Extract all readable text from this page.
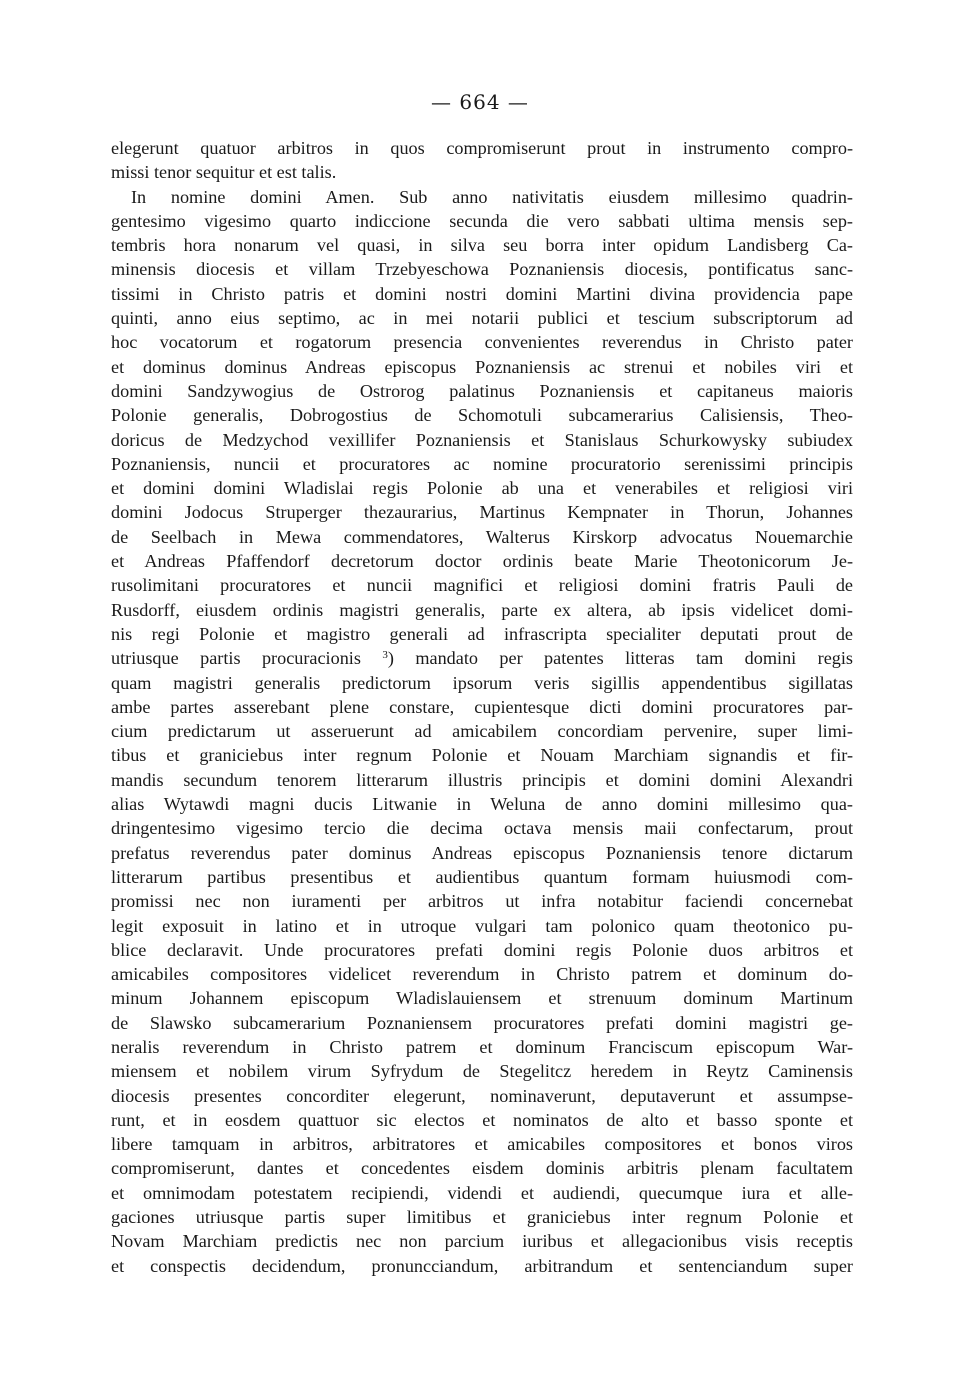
— 664 —
elegerunt quatuor arbitros in quos compromiserunt prout in instrumento compro-
missi tenor sequitur et est talis.
In nomine domini Amen. Sub anno nativitatis eiusdem millesimo quadrin-
gentesimo vigesimo quarto indiccione secunda die vero sabbati ultima mensis sep-
tembris hora nonarum vel quasi, in silva seu borra inter opidum Landisberg Ca-
minensis diocesis et villam Trzebyeschowa Poznaniensis diocesis, pontificatus sanc-
tissimi in Christo patris et domini nostri domini Martini divina providencia pape
quinti, anno eius septimo, ac in mei notarii publici et tescium subscriptorum ad
hoc vocatorum et rogatorum presencia convenientes reverendus in Christo pater
et dominus dominus Andreas episcopus Poznaniensis ac strenui et nobiles viri et
domini Sandzywogius de Ostrorog palatinus Poznaniensis et capitaneus maioris
Polonie generalis, Dobrogostius de Schomotuli subcamerarius Calisiensis, Theo-
doricus de Medzychod vexillifer Poznaniensis et Stanislaus Schurkowysky subiudex
Poznaniensis, nuncii et procuratores ac nomine procuratorio serenissimi principis
et domini domini Wladislai regis Polonie ab una et venerabiles et religiosi viri
domini Jodocus Struperger thezaurarius, Martinus Kempnater in Thorun, Johannes
de Seelbach in Mewa commendatores, Walterus Kirskorp advocatus Nouemarchie
et Andreas Pfaffendorf decretorum doctor ordinis beate Marie Theotonicorum Je-
rusolimitani procuratores et nuncii magnifici et religiosi domini fratris Pauli de
Rusdorff, eiusdem ordinis magistri generalis, parte ex altera, ab ipsis videlicet domi-
nis regi Polonie et magistro generali ad infrascripta specialiter deputati prout de
utriusque partis procuracionis $^3$) mandato per patentes litteras tam domini regis
quam magistri generalis predictorum ipsorum veris sigillis appendentibus sigillatas
ambe partes asserebant plene constare, cupientesque dicti domini procuratores par-
cium predictarum ut asseruerunt ad amicabilem concordiam pervenire, super limi-
tibus et graniciebus inter regnum Polonie et Nouam Marchiam signandis et fir-
mandis secundum tenorem litterarum illustris principis et domini domini Alexandri
alias Wytawdi magni ducis Litwanie in Weluna de anno domini millesimo qua-
dringentesimo vigesimo tercio die decima octava mensis maii confectarum, prout
prefatus reverendus pater dominus Andreas episcopus Poznaniensis tenore dictarum
litterarum partibus presentibus et audientibus quantum formam huiusmodi com-
promissi nec non iuramenti per arbitros ut infra notabitur faciendi concernebat
legit exposuit in latino et in utroque vulgari tam polonico quam theotonico pu-
blice declaravit. Unde procuratores prefati domini regis Polonie duos arbitros et
amicabiles compositores videlicet reverendum in Christo patrem et dominum do-
minum Johannem episcopum Wladislauiensem et strenuum dominum Martinum
de Slawsko subcamerarium Poznaniensem procuratores prefati domini magistri ge-
neralis reverendum in Christo patrem et dominum Franciscum episcopum War-
miensem et nobilem virum Syfrydum de Stegelitcz heredem in Reytz Caminensis
diocesis presentes concorditer elegerunt, nominaverunt, deputaverunt et assumpse-
runt, et in eosdem quattuor sic electos et nominatos de alto et basso sponte et
libere tamquam in arbitros, arbitratores et amicabiles compositores et bonos viros
compromiserunt, dantes et concedentes eisdem dominis arbitris plenam facultatem
et omnimodam potestatem recipiendi, videndi et audiendi, quecumque iura et alle-
gaciones utriusque partis super limitibus et graniciebus inter regnum Polonie et
Novam Marchiam predictis nec non parcium iuribus et allegacionibus visis receptis
et conspectis decidendum, pronuncciandum, arbitrandum et sentenciandum super
